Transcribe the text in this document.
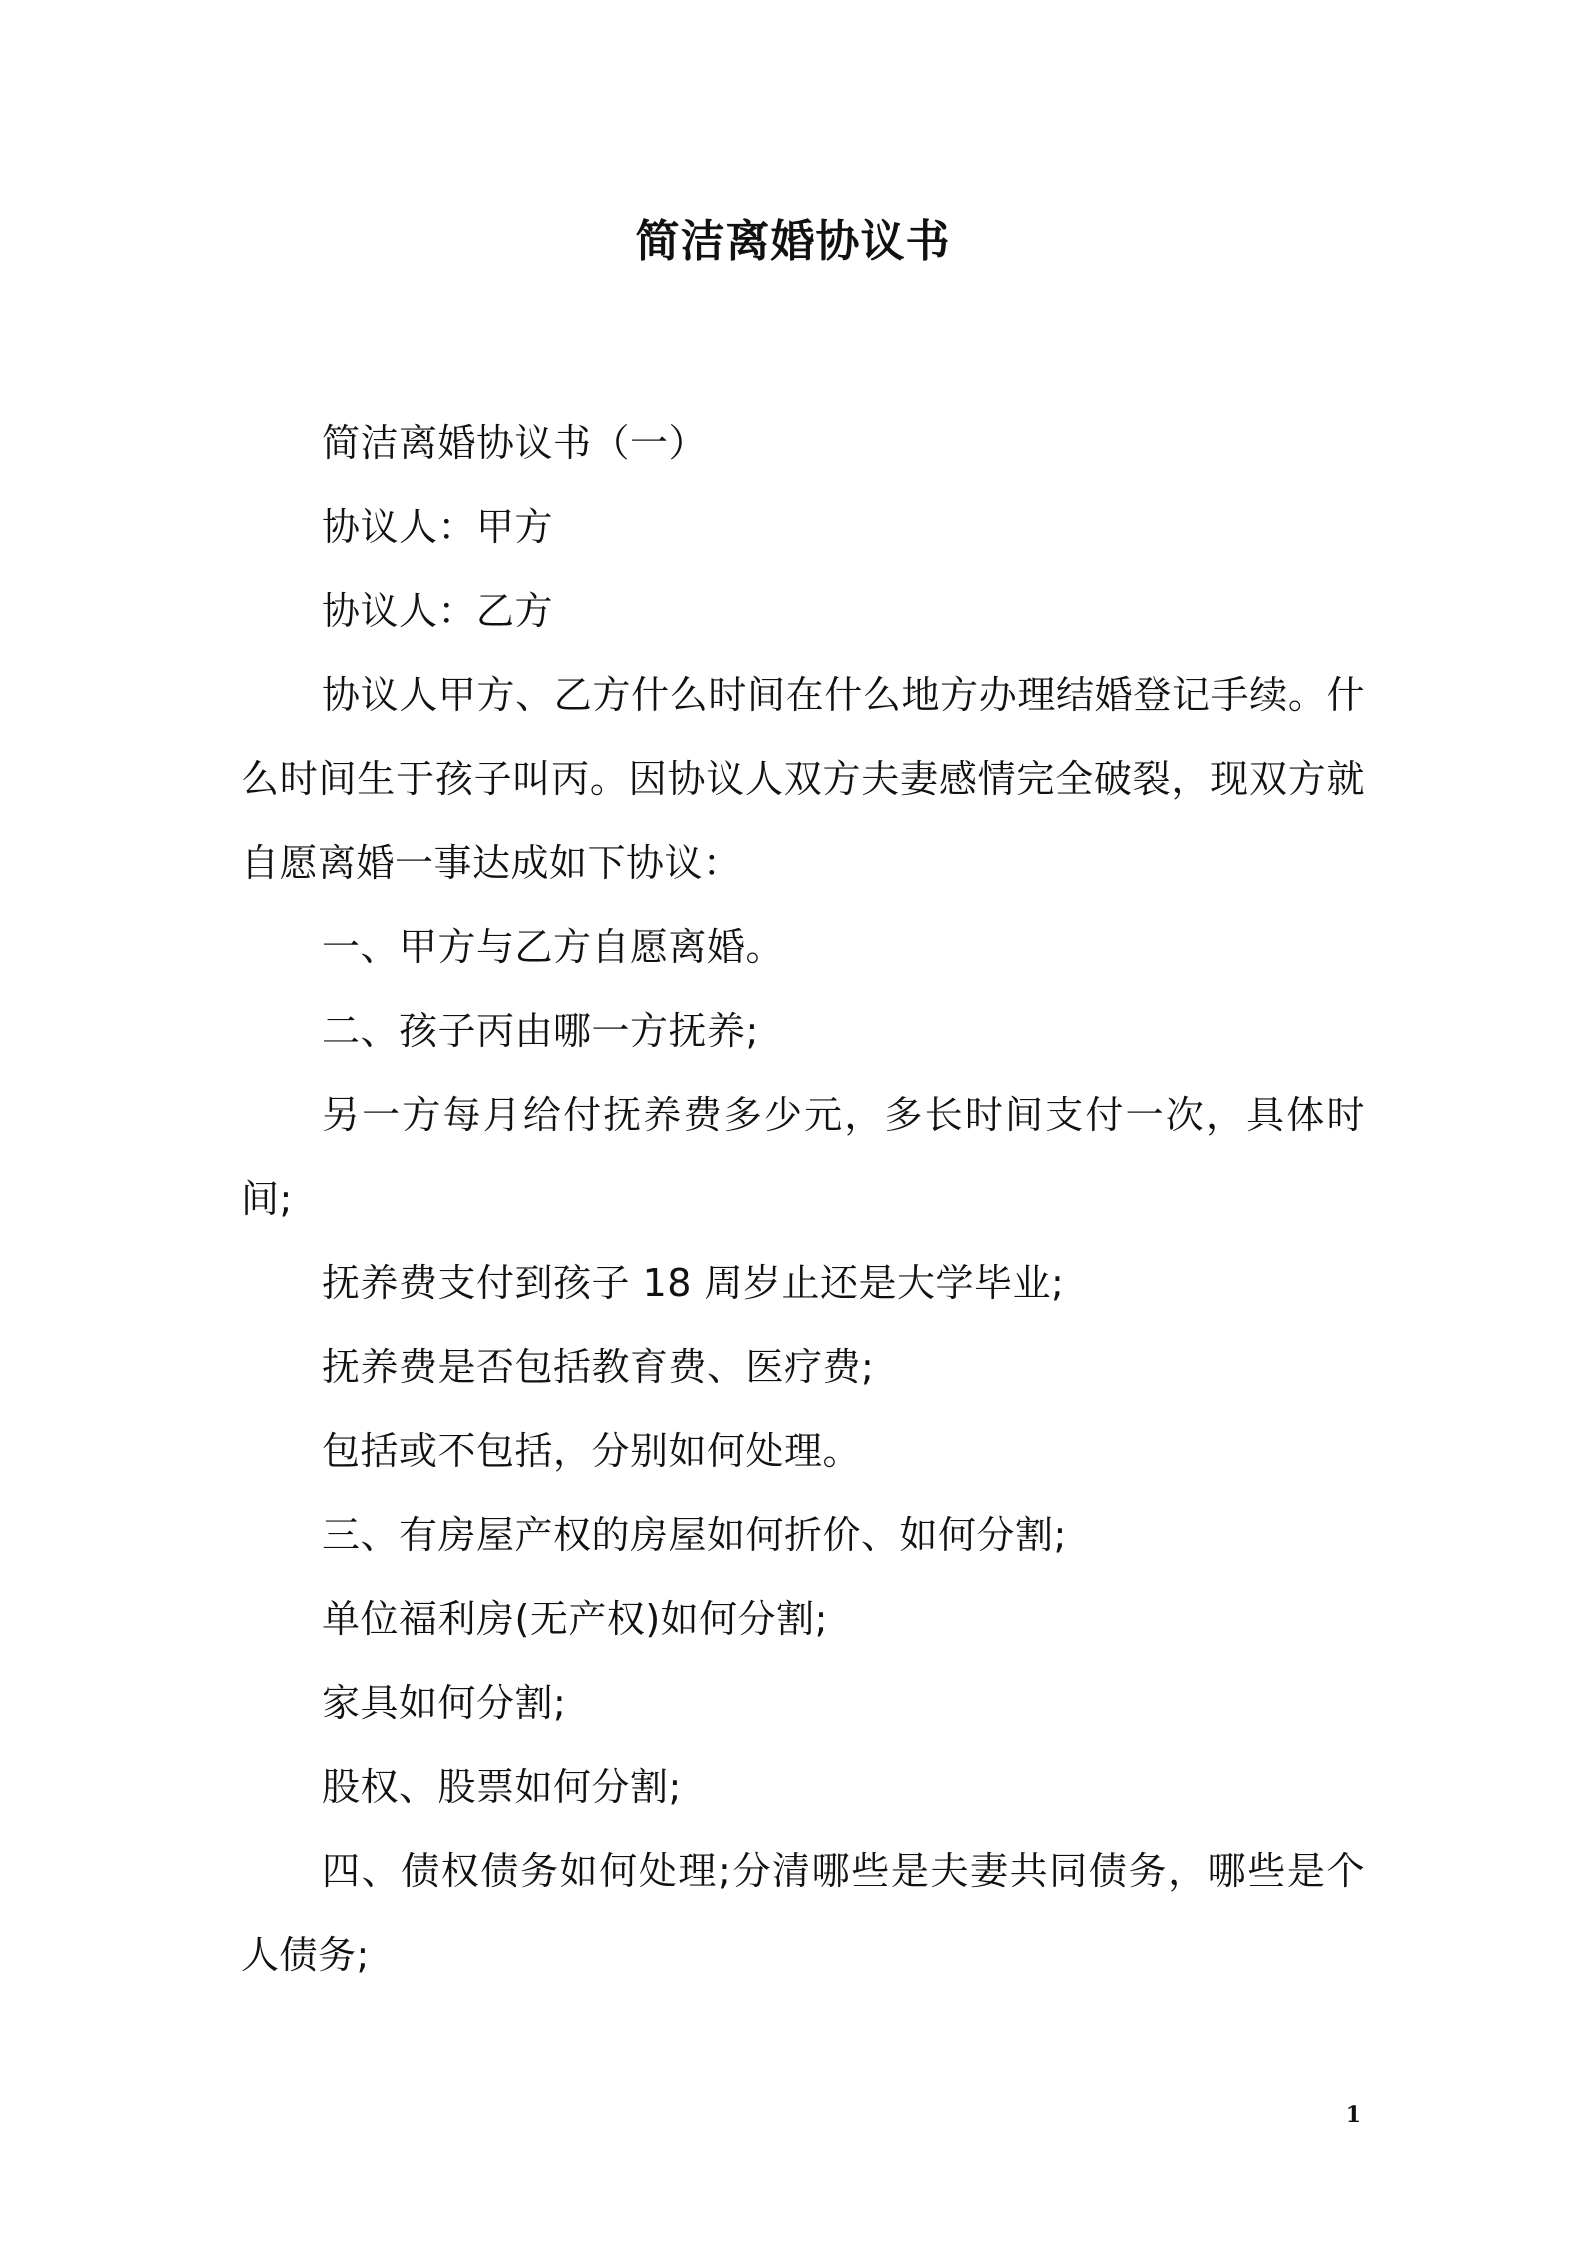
简洁离婚协议书

简洁离婚协议书（一）

协议人：甲方

协议人：乙方

协议人甲方、乙方什么时间在什么地方办理结婚登记手续。什么时间生于孩子叫丙。因协议人双方夫妻感情完全破裂，现双方就自愿离婚一事达成如下协议：

一、甲方与乙方自愿离婚。

二、孩子丙由哪一方抚养;

另一方每月给付抚养费多少元，多长时间支付一次，具体时间;

抚养费支付到孩子 18 周岁止还是大学毕业;

抚养费是否包括教育费、医疗费;

包括或不包括，分别如何处理。

三、有房屋产权的房屋如何折价、如何分割;

单位福利房(无产权)如何分割;

家具如何分割;

股权、股票如何分割;

四、债权债务如何处理;分清哪些是夫妻共同债务，哪些是个人债务;

1
